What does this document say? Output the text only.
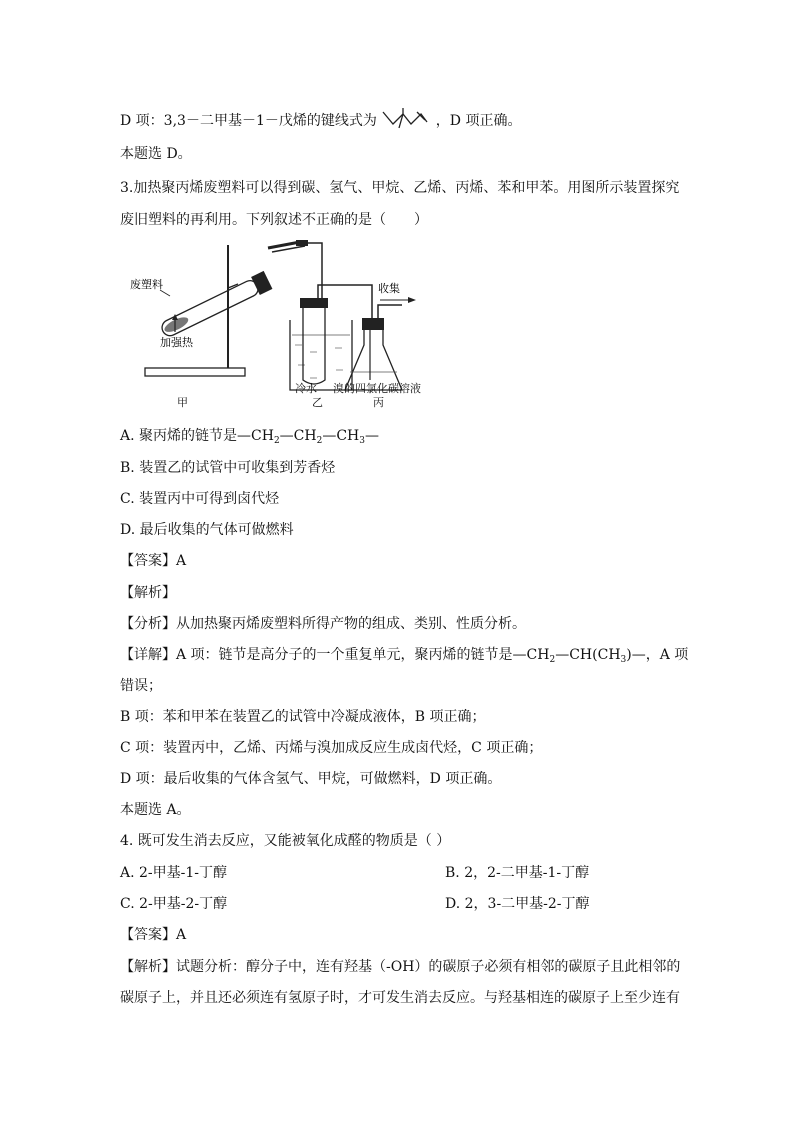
D 项：3,3－二甲基－1－戊烯的键线式为	，D 项正确。
本题选 D。
3.加热聚丙烯废塑料可以得到碳、氢气、甲烷、乙烯、丙烯、苯和甲苯。用图所示装置探究
废旧塑料的再利用。下列叙述不正确的是（　　）
废塑料
加强热
收集
冷水 溴的四氯化碳溶液
甲	乙	丙
A. 聚丙烯的链节是$—CH_2—CH_2—CH_3—$
B. 装置乙的试管中可收集到芳香烃
C. 装置丙中可得到卤代烃
D. 最后收集的气体可做燃料
【答案】A
【解析】
【分析】从加热聚丙烯废塑料所得产物的组成、类别、性质分析。
【详解】A 项：链节是高分子的一个重复单元，聚丙烯的链节是$—CH_2—CH(CH_3)—$，A 项
错误；
B 项：苯和甲苯在装置乙的试管中冷凝成液体，B 项正确；
C 项：装置丙中，乙烯、丙烯与溴加成反应生成卤代烃，C 项正确；
D 项：最后收集的气体含氢气、甲烷，可做燃料，D 项正确。
本题选 A。
4. 既可发生消去反应，又能被氧化成醛的物质是（ ）
A. 2-甲基-1-丁醇	B. 2，2-二甲基-1-丁醇
C. 2-甲基-2-丁醇	D. 2，3-二甲基-2-丁醇
【答案】A
【解析】试题分析：醇分子中，连有羟基（-OH）的碳原子必须有相邻的碳原子且此相邻的
碳原子上，并且还必须连有氢原子时，才可发生消去反应。与羟基相连的碳原子上至少连有
